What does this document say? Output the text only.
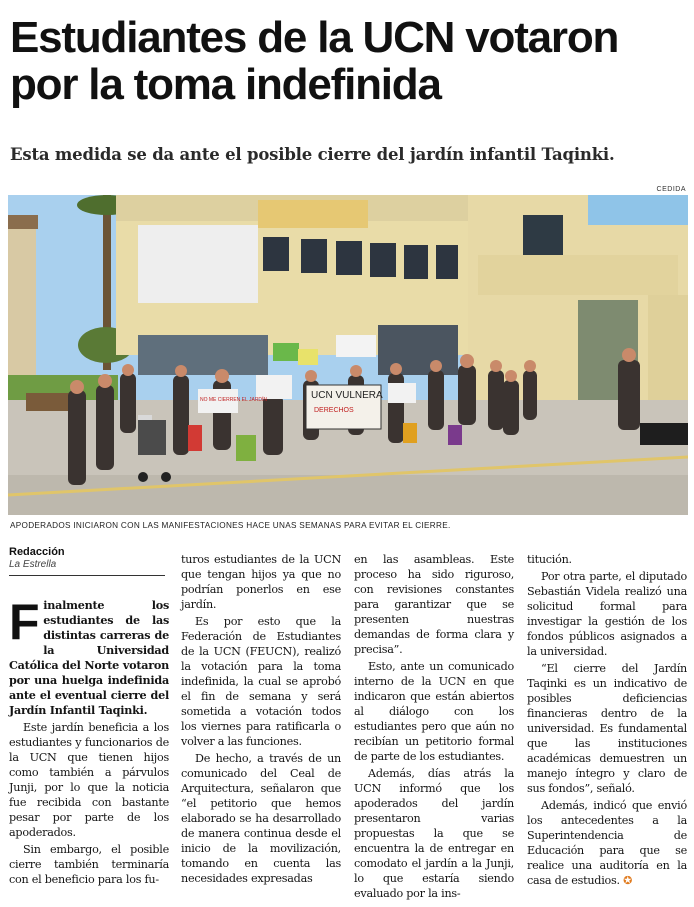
Estudiantes de la UCN votaron por la toma indefinida
Esta medida se da ante el posible cierre del jardín infantil Taqinki.
CEDIDA
UCN VULNERA
DERECHOS
NO ME CIERREN EL JARDÍN
APODERADOS INICIARON CON LAS MANIFESTACIONES HACE UNAS SEMANAS PARA EVITAR EL CIERRE.
Redacción
La Estrella

Finalmente los estudiantes de las distintas carreras de la Universidad Católica del Norte votaron por una huelga indefinida ante el eventual cierre del Jardín Infantil Taqinki.

Este jardín beneficia a los estudiantes y funcionarios de la UCN que tienen hijos como también a párvulos Junji, por lo que la noticia fue recibida con bastante pesar por parte de los apoderados.

Sin embargo, el posible cierre también terminaría con el beneficio para los fu-

turos estudiantes de la UCN que tengan hijos ya que no podrían ponerlos en ese jardín.

Es por esto que la Federación de Estudiantes de la UCN (FEUCN), realizó la votación para la toma indefinida, la cual se aprobó el fin de semana y será sometida a votación todos los viernes para ratificarla o volver a las funciones.

De hecho, a través de un comunicado del Ceal de Arquitectura, señalaron que “el petitorio que hemos elaborado se ha desarrollado de manera continua desde el inicio de la movilización, tomando en cuenta las necesidades expresadas

en las asambleas. Este proceso ha sido riguroso, con revisiones constantes para garantizar que se presenten nuestras demandas de forma clara y precisa”.

Esto, ante un comunicado interno de la UCN en que indicaron que están abiertos al diálogo con los estudiantes pero que aún no recibían un petitorio formal de parte de los estudiantes.

Además, días atrás la UCN informó que los apoderados del jardín presentaron varias propuestas la que se encuentra la de entregar en comodato el jardín a la Junji, lo que estaría siendo evaluado por la ins-

titución.

Por otra parte, el diputado Sebastián Videla realizó una solicitud formal para investigar la gestión de los fondos públicos asignados a la universidad.

“El cierre del Jardín Taqinki es un indicativo de posibles deficiencias financieras dentro de la universidad. Es fundamental que las instituciones académicas demuestren un manejo íntegro y claro de sus fondos”, señaló.

Además, indicó que envió los antecedentes a la Superintendencia de Educación para que se realice una auditoría en la casa de estudios. ✪
